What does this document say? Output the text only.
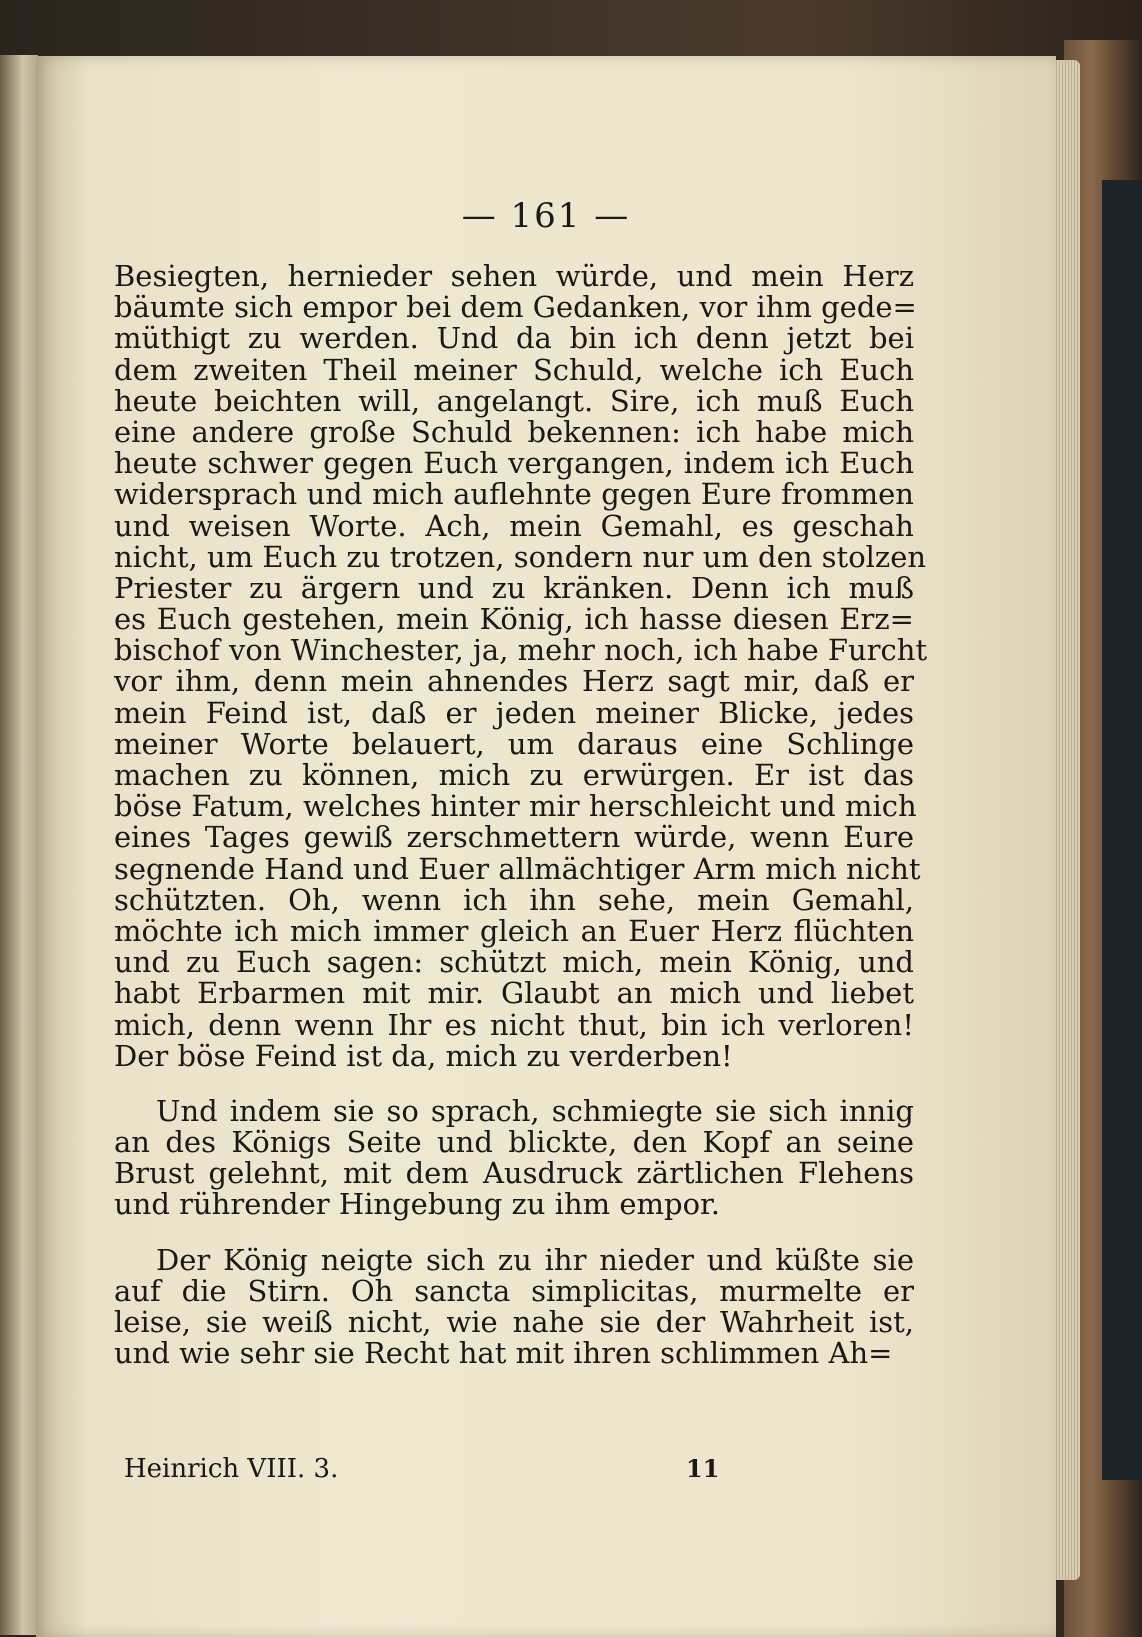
— 161 —
Besiegten, hernieder sehen würde, und mein Herz
bäumte sich empor bei dem Gedanken, vor ihm gede=
müthigt zu werden. Und da bin ich denn jetzt bei
dem zweiten Theil meiner Schuld, welche ich Euch
heute beichten will, angelangt. Sire, ich muß Euch
eine andere große Schuld bekennen: ich habe mich
heute schwer gegen Euch vergangen, indem ich Euch
widersprach und mich auflehnte gegen Eure frommen
und weisen Worte. Ach, mein Gemahl, es geschah
nicht, um Euch zu trotzen, sondern nur um den stolzen
Priester zu ärgern und zu kränken. Denn ich muß
es Euch gestehen, mein König, ich hasse diesen Erz=
bischof von Winchester, ja, mehr noch, ich habe Furcht
vor ihm, denn mein ahnendes Herz sagt mir, daß er
mein Feind ist, daß er jeden meiner Blicke, jedes
meiner Worte belauert, um daraus eine Schlinge
machen zu können, mich zu erwürgen. Er ist das
böse Fatum, welches hinter mir herschleicht und mich
eines Tages gewiß zerschmettern würde, wenn Eure
segnende Hand und Euer allmächtiger Arm mich nicht
schützten. Oh, wenn ich ihn sehe, mein Gemahl,
möchte ich mich immer gleich an Euer Herz flüchten
und zu Euch sagen: schützt mich, mein König, und
habt Erbarmen mit mir. Glaubt an mich und liebet
mich, denn wenn Ihr es nicht thut, bin ich verloren!
Der böse Feind ist da, mich zu verderben!
Und indem sie so sprach, schmiegte sie sich innig
an des Königs Seite und blickte, den Kopf an seine
Brust gelehnt, mit dem Ausdruck zärtlichen Flehens
und rührender Hingebung zu ihm empor.
Der König neigte sich zu ihr nieder und küßte sie
auf die Stirn. Oh sancta simplicitas, murmelte er
leise, sie weiß nicht, wie nahe sie der Wahrheit ist,
und wie sehr sie Recht hat mit ihren schlimmen Ah=
Heinrich VIII. 3.	11
